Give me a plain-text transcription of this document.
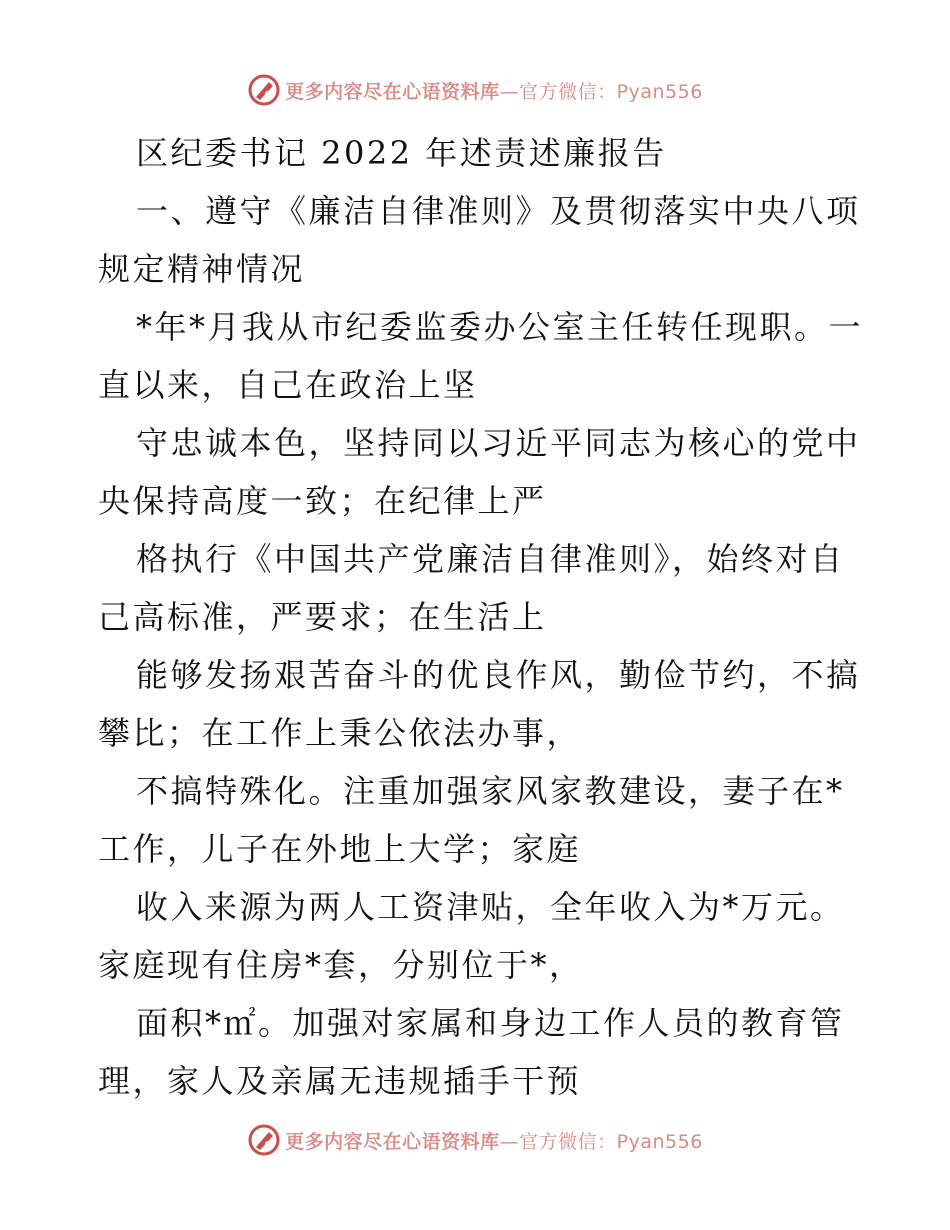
更多内容尽在心语资料库 —官方微信：Pyan556
区纪委书记 2022 年述责述廉报告
一、遵守《廉洁自律准则》及贯彻落实中央八项
规定精神情况
*年*月我从市纪委监委办公室主任转任现职。一
直以来，自己在政治上坚
守忠诚本色，坚持同以习近平同志为核心的党中
央保持高度一致；在纪律上严
格执行《中国共产党廉洁自律准则》，始终对自
己高标准，严要求；在生活上
能够发扬艰苦奋斗的优良作风，勤俭节约，不搞
攀比；在工作上秉公依法办事，
不搞特殊化。注重加强家风家教建设，妻子在*
工作，儿子在外地上大学；家庭
收入来源为两人工资津贴，全年收入为*万元。
家庭现有住房*套，分别位于*，
面积*㎡。加强对家属和身边工作人员的教育管
理，家人及亲属无违规插手干预
更多内容尽在心语资料库 —官方微信：Pyan556
